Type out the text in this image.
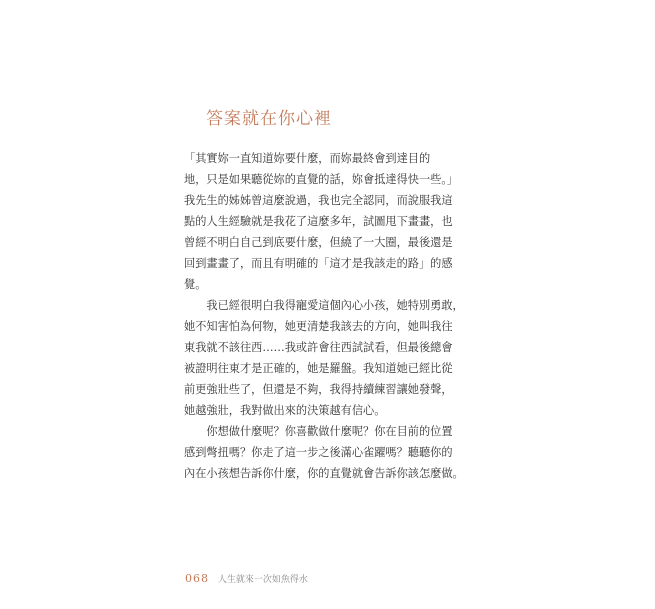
答案就在你心裡
「其實妳一直知道妳要什麼，而妳最終會到達目的
地，只是如果聽從妳的直覺的話，妳會抵達得快一些。」
我先生的姊姊曾這麼說過，我也完全認同，而說服我這
點的人生經驗就是我花了這麼多年，試圖甩下畫畫，也
曾經不明白自己到底要什麼，但繞了一大圈，最後還是
回到畫畫了，而且有明確的「這才是我該走的路」的感
覺。
　　我已經很明白我得寵愛這個內心小孩，她特別勇敢，
她不知害怕為何物，她更清楚我該去的方向，她叫我往
東我就不該往西……我或許會往西試試看，但最後總會
被證明往東才是正確的，她是羅盤。我知道她已經比從
前更強壯些了，但還是不夠，我得持續練習讓她發聲，
她越強壯，我對做出來的決策越有信心。
　　你想做什麼呢？你喜歡做什麼呢？你在目前的位置
感到彆扭嗎？你走了這一步之後滿心雀躍嗎？聽聽你的
內在小孩想告訴你什麼，你的直覺就會告訴你該怎麼做。
068 人生就來一次如魚得水
